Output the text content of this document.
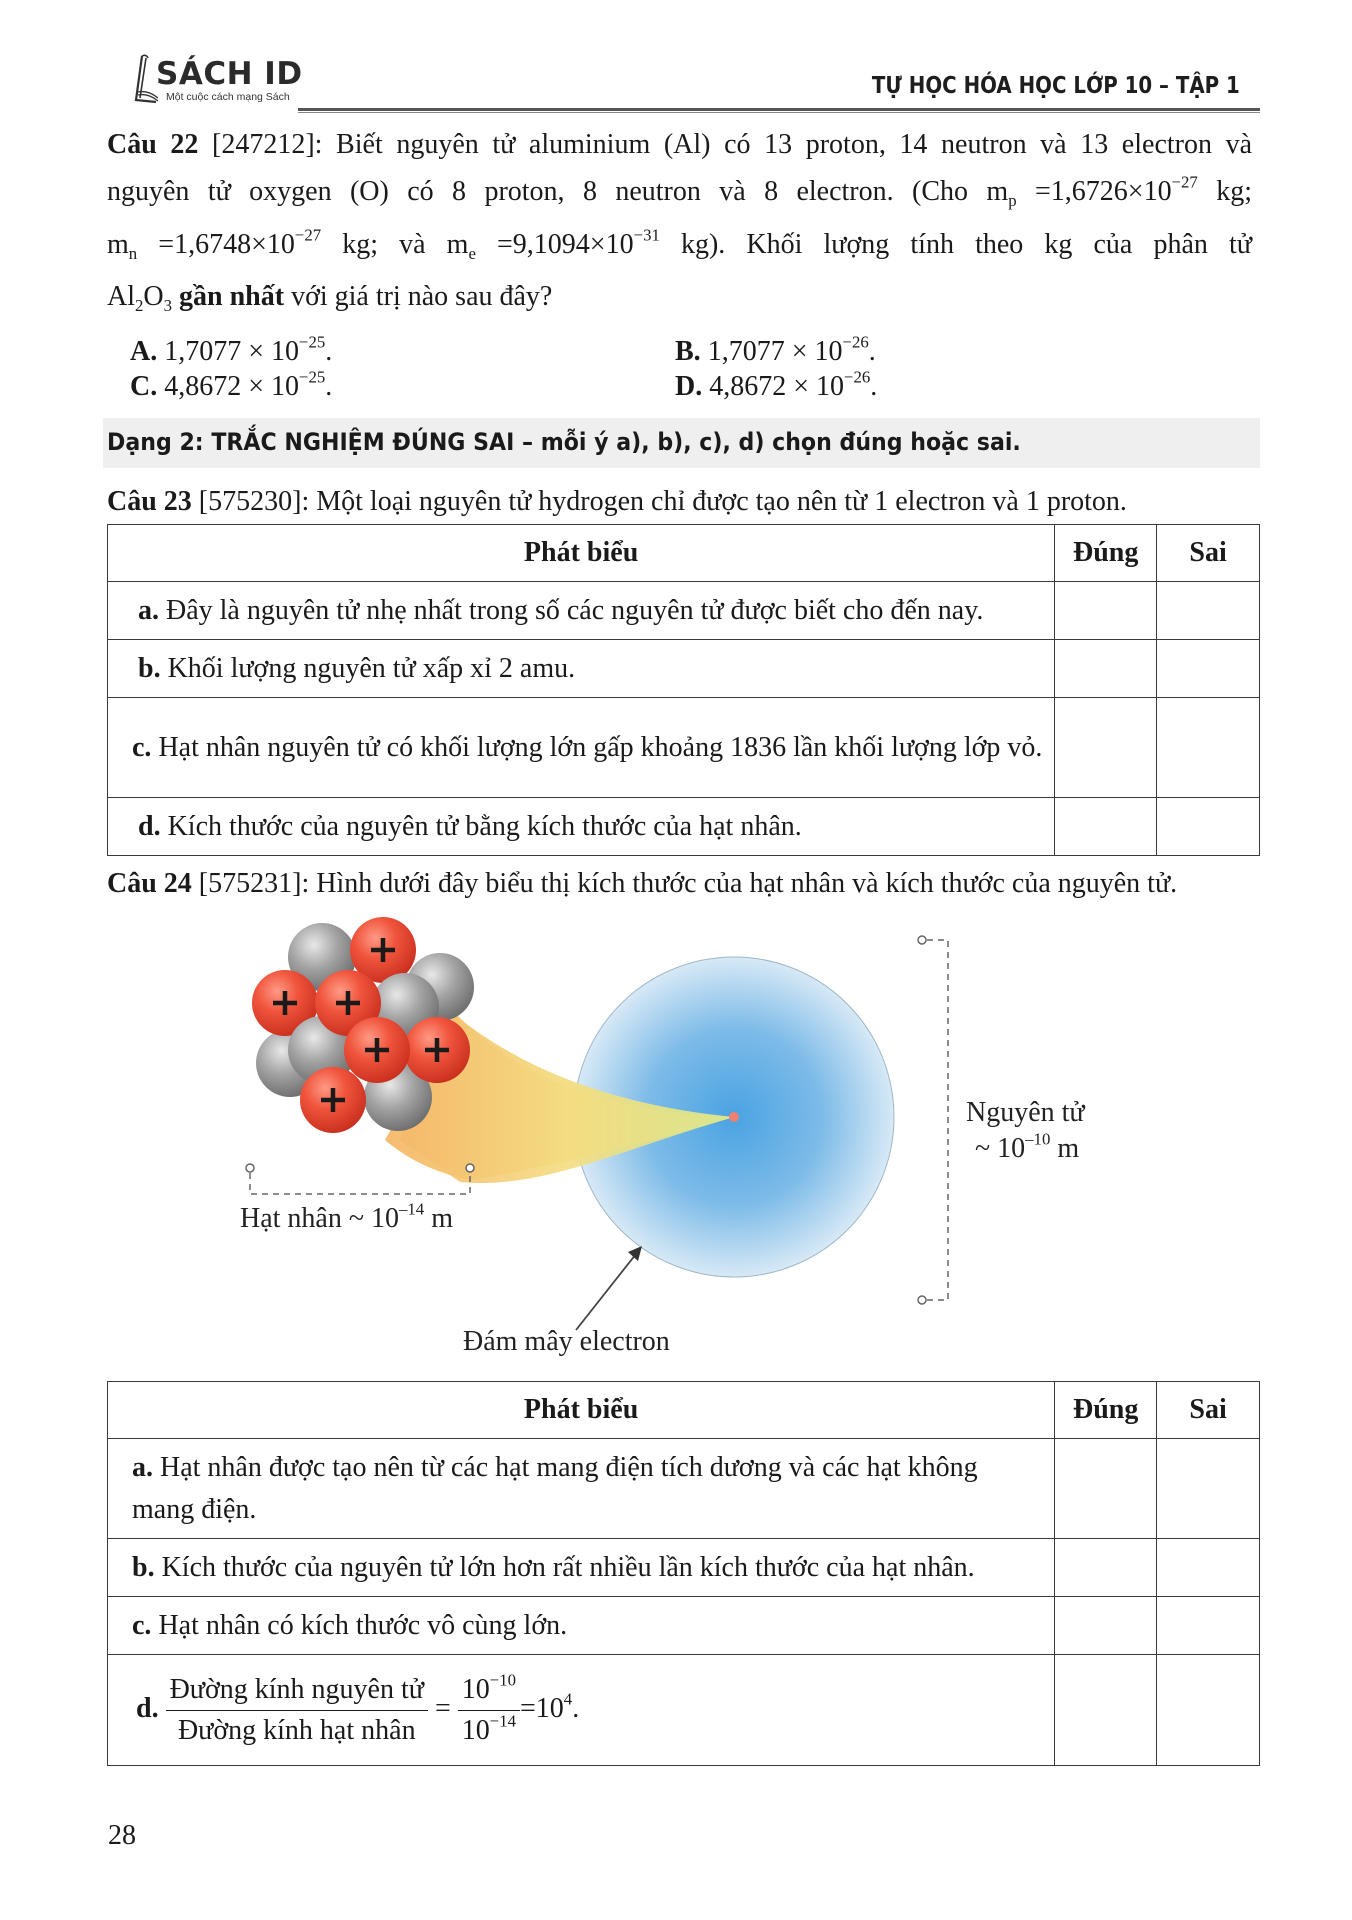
SÁCH ID
Một cuộc cách mạng Sách	TỰ HỌC HÓA HỌC LỚP 10 – TẬP 1
Câu 22 [247212]: Biết nguyên tử aluminium (Al) có 13 proton, 14 neutron và 13 electron và
nguyên tử oxygen (O) có 8 proton, 8 neutron và 8 electron. (Cho $m_p =1,6726\times 10^{-27}$ kg;
$m_n =1,6748\times 10^{-27}$ kg; và $m_e =9,1094\times 10^{-31}$ kg). Khối lượng tính theo kg của phân tử
$Al_2O_3$ gần nhất với giá trị nào sau đây?
A. $1,7077 \times 10^{-25}$.	B. $1,7077 \times 10^{-26}$.
C. $4,8672 \times 10^{-25}$.	D. $4,8672 \times 10^{-26}$.
Dạng 2: TRẮC NGHIỆM ĐÚNG SAI – mỗi ý a), b), c), d) chọn đúng hoặc sai.
Câu 23 [575230]: Một loại nguyên tử hydrogen chỉ được tạo nên từ 1 electron và 1 proton.
Phát biểu	Đúng	Sai
a. Đây là nguyên tử nhẹ nhất trong số các nguyên tử được biết cho đến nay.		
b. Khối lượng nguyên tử xấp xỉ 2 amu.		
c. Hạt nhân nguyên tử có khối lượng lớn gấp khoảng 1836 lần khối lượng lớp vỏ.		
d. Kích thước của nguyên tử bằng kích thước của hạt nhân.		
Câu 24 [575231]: Hình dưới đây biểu thị kích thước của hạt nhân và kích thước của nguyên tử.
Hạt nhân ~ $10^{-14}$ m
Nguyên tử
~ $10^{-10}$ m
Đám mây electron
Phát biểu	Đúng	Sai
a. Hạt nhân được tạo nên từ các hạt mang điện tích dương và các hạt không mang điện.		
b. Kích thước của nguyên tử lớn hơn rất nhiều lần kích thước của hạt nhân.		
c. Hạt nhân có kích thước vô cùng lớn.		
d. $\frac{\text{Đường kính nguyên tử}}{\text{Đường kính hạt nhân}} = \frac{10^{-10}}{10^{-14}} =10^4$.		
28
